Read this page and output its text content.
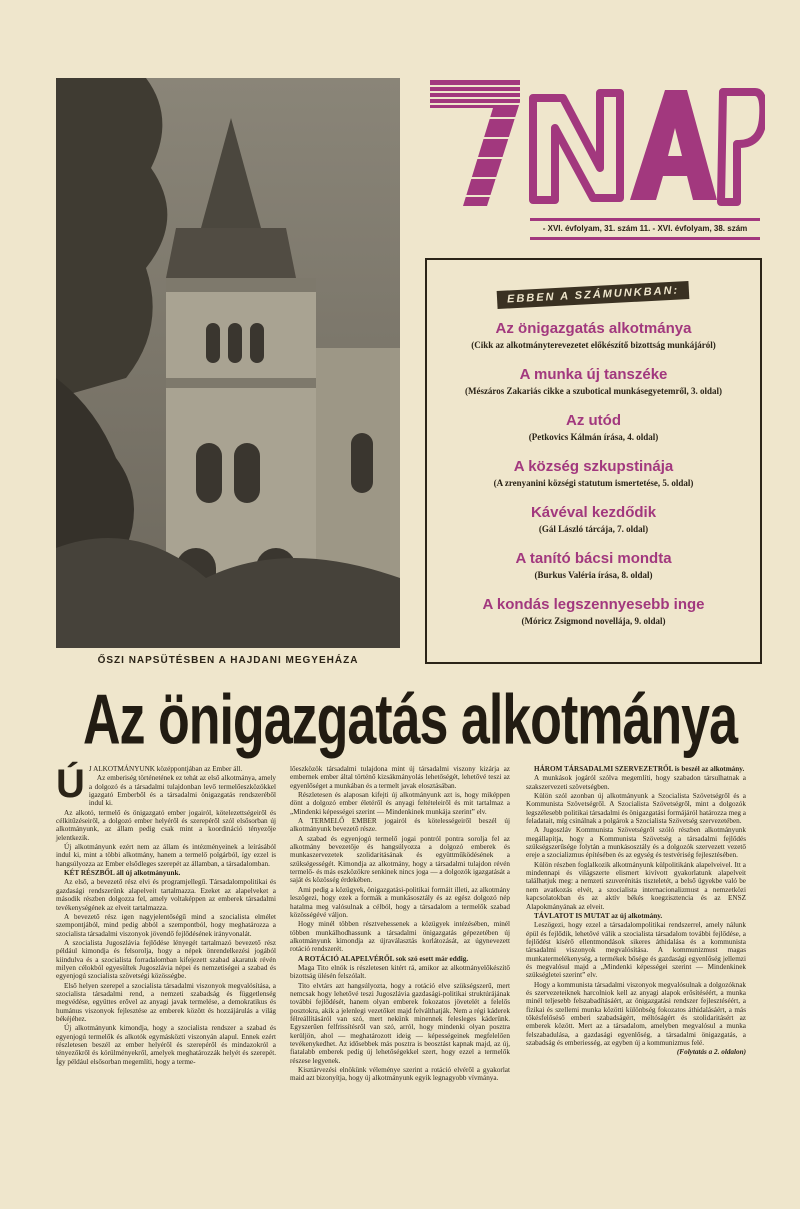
ŐSZI NAPSÜTÉSBEN A HAJDANI MEGYEHÁZA
- XVI. évfolyam, 31. szám 11. - XVI. évfolyam, 38. szám
EBBEN A SZÁMUNKBAN:
Az önigazgatás alkotmánya
(Cikk az alkotmányterevezetet előkészítő bizottság munkájáról)
A munka új tanszéke
(Mészáros Zakariás cikke a szubotical munkásegyetemről, 3. oldal)
Az utód
(Petkovics Kálmán írása, 4. oldal)
A község szkupstinája
(A zrenyanini községi statutum ismertetése, 5. oldal)
Kávéval kezdődik
(Gál László tárcája, 7. oldal)
A tanító bácsi mondta
(Burkus Valéria írása, 8. oldal)
A kondás legszennyesebb inge
(Móricz Zsigmond novellája, 9. oldal)
Az önigazgatás alkotmánya

Ú J ALKOTMÁNYUNK középpontjában az Ember áll.

Az emberiség történetének ez tehát az első alkotmánya, amely a dolgozó és a társadalmi tulajdonban levő termelőeszközökkel igazgató Emberből és a társadalmi önigazgatás rendszeréből indul ki.

Az alkotó, termelő és önigazgató ember jogairól, kötelezettségeiről és célkitűzéseiről, a dolgozó ember helyéről és szerepéről szól elsősorban új alkotmányunk, az állam pedig csak mint a koordináció tényezője jelentkezik.

Új alkotmányunk ezért nem az állam és intézményeinek a leírásából indul ki, mint a többi alkotmány, hanem a termelő polgárból, így ezzel is hangsúlyozza az Ember elsődleges szerepét az államban, a társadalomban.

KÉT RÉSZBŐL áll új alkotmányunk.

Az első, a bevezető rész elvi és programjellegű. Társadalompolitikai és gazdasági rendszerünk alapelveit tartalmazza. Ezeket az alapelveket a második részben dolgozza fel, amely voltaképpen az emberek társadalmi tevékenységének az elveit tartalmazza.

A bevezető rész igen nagyjelentőségű mind a szocialista elmélet szempontjából, mind pedig abból a szempontból, hogy meghatározza a szocialista társadalmi viszonyok jövendő fejlődésének irányvonalát.

A szocialista Jugoszlávia fejlődése lényegét tartalmazó bevezető rész például kimondja és felsorolja, hogy a népek önrendelkezési jogából kiindulva és a szocialista forradalomban kifejezett szabad akaratuk révén milyen célokból egyesültek Jugoszlávia népei és nemzetiségei a szabad és egyenjogú szocialista szövetségi közösségbe.

Első helyen szerepel a szocialista társadalmi viszonyok megvalósítása, a szocialista társadalmi rend, a nemzeti szabadság és függetlenség megvédése, együttes erővel az anyagi javak termelése, a demokratikus és humánus viszonyok fejlesztése az emberek között és hozzájárulás a világ békéjéhez.

Új alkotmányunk kimondja, hogy a szocialista rendszer a szabad és egyenjogú termelők és alkotók egymásközti viszonyán alapul. Ennek ezért részletesen beszél az ember helyéről és szerepéről és mindazokról a tényezőkről és körülményekről, amelyek meghatározzák helyét és szerepét. Így például elsősorban megemlíti, hogy a terme-

lőeszközök társadalmi tulajdona mint új társadalmi viszony kizárja az embernek ember által történő kizsákmányolás lehetőségét, lehetővé teszi az egyenlőséget a munkában és a termelt javak elosztásában.

Részletesen és alaposan kifejti új alkotmányunk azt is, hogy miképpen dönt a dolgozó ember életéről és anyagi feltételeiről és mit tartalmaz a „Mindenki képességei szerint — Mindenkinek munkája szerint” elv.

A TERMELŐ EMBER jogairól és kötelességeiről beszél új alkotmányunk bevezető része.

A szabad és egyenjogú termelő jogai pontról pontra sorolja fel az alkotmány bevezetője és hangsúlyozza a dolgozó emberek és munkaszervezetek szolidaritásának és együttműködésének a szükségességét. Kimondja az alkotmány, hogy a társadalmi tulajdon révén termelő- és más eszközökre senkinek nincs joga — a dolgozók igazgatását a saját és közösség érdekében.

Ami pedig a közügyek, önigazgatási-politikai formáit illeti, az alkotmány leszögezi, hogy ezek a formák a munkásosztály és az egész dolgozó nép hatalma meg valósulnak a célból, hogy a társadalom a termelők szabad közösségévé váljon.

Hogy minél többen résztvehessenek a közügyek intézésében, minél többen munkálhodhassunk a társadalmi önigazgatás gépezetében új alkotmányunk kimondja az újraválasztás korlátozását, az úgynevezett rotáció rendszerét.

A ROTÁCIÓ ALAPELVÉRŐL sok szó esett már eddig.

Maga Tito elnök is részletesen kitért rá, amikor az alkotmányelőkészítő bizottság ülésén felszólalt.

Tito elvtárs azt hangsúlyozta, hogy a rotáció elve szükségszerű, mert nemcsak hogy lehetővé teszi Jugoszlávia gazdasági-politikai struktúrájának további fejlődését, hanem olyan emberek fokozatos jövetelét a felelős posztokra, akik a jelenlegi vezetőket majd felválthatják. Nem a régi káderek félreállításáról van szó, mert nekünk minennek felesleges káderünk. Egyszerűen felfrissítésről van szó, arról, hogy mindenki olyan posztra kerüljön, ahol — meghatározott ideig — képességeinek megfelelően tevékenykedhet. Az idősebbek más posztra is beosztást kapnak majd, az új, fiatalabb emberek pedig új lehetőségekkel szert, hogy ezzel a termelők részese legyenek.

Kisztárvezési elnökünk véleménye szerint a rotáció elvéről a gyakorlat maid azt bizonyítja, hogy új alkotmányunk egyik legnagyobb vívmánya.

HÁROM TÁRSADALMI SZERVEZETRŐL is beszél az alkotmány.

A munkások jogáról szólva megemlíti, hogy szabadon társulhatnak a szakszervezeti szövetségben.

Külön szól azonban új alkotmányunk a Szocialista Szövetségről és a Kommunista Szövetségről. A Szocialista Szövetségről, mint a dolgozók legszélesebb politikai társadalmi és önigazgatási formájáról határozza meg a feladatait, míg csinálnak a polgárok a Szocialista Szövetség szervezetében.

A Jugoszláv Kommunista Szövetségről szóló részben alkotmányunk megállapítja, hogy a Kommunista Szövetség a társadalmi fejlődés szükségszerűsége folytán a munkásosztály és a dolgozók szervezett vezető ereje a szocializmus építésében és az egység és testvériség fejlesztésében.

Külön részben foglalkozik alkotmányunk külpolitikánk alapelveivel. Itt a mindennapi és világszerte elismert kivívott gyakorlatunk alapelveit találhatjuk meg: a nemzeti szuverénitás tiszteletét, a belső ügyekbe való be nem avatkozás elvét, a szocialista internacionalizmust a nemzetközi kapcsolatokban és az aktív békés koegzisztencia és az ENSZ Alapokmányának az elveit.

TÁVLATOT IS MUTAT az új alkotmány.

Leszögezi, hogy ezzel a társadalompolitikai rendszerrel, amely nálunk épül és fejlődik, lehetővé válik a szocialista társadalom további fejlődése, a fejlődést kísérő ellentmondások sikeres áthidalása és a kommunista társadalmi viszonyok megvalósítása. A kommunizmust magas munkatermelékenység, a termékek bősége és gazdasági egyenlőség jellemzi és megvalósul majd a „Mindenki képességei szerint — Mindenkinek szükségletei szerint” elv.

Hogy a kommunista társadalmi viszonyok megvalósulnak a dolgozóknak és szervezeteiknek harcolniok kell az anyagi alapok erősítéséért, a munka minél teljesebb felszabadításáért, az önigazgatási rendszer fejlesztéséért, a fizikai és szellemi munka közötti különbség fokozatos áthidalásáért, a más tőkésfelőséső emberi szabadságért, méltóságért és szolidaritásért az emberek között. Mert az a társadalom, amelyben megvalósul a munka felszabadulása, a gazdasági egyenlőség, a társadalmi önigazgatás, a szabadság és emberiesség, az egyben új a kommunizmus felé.

(Folytatás a 2. oldalon)
